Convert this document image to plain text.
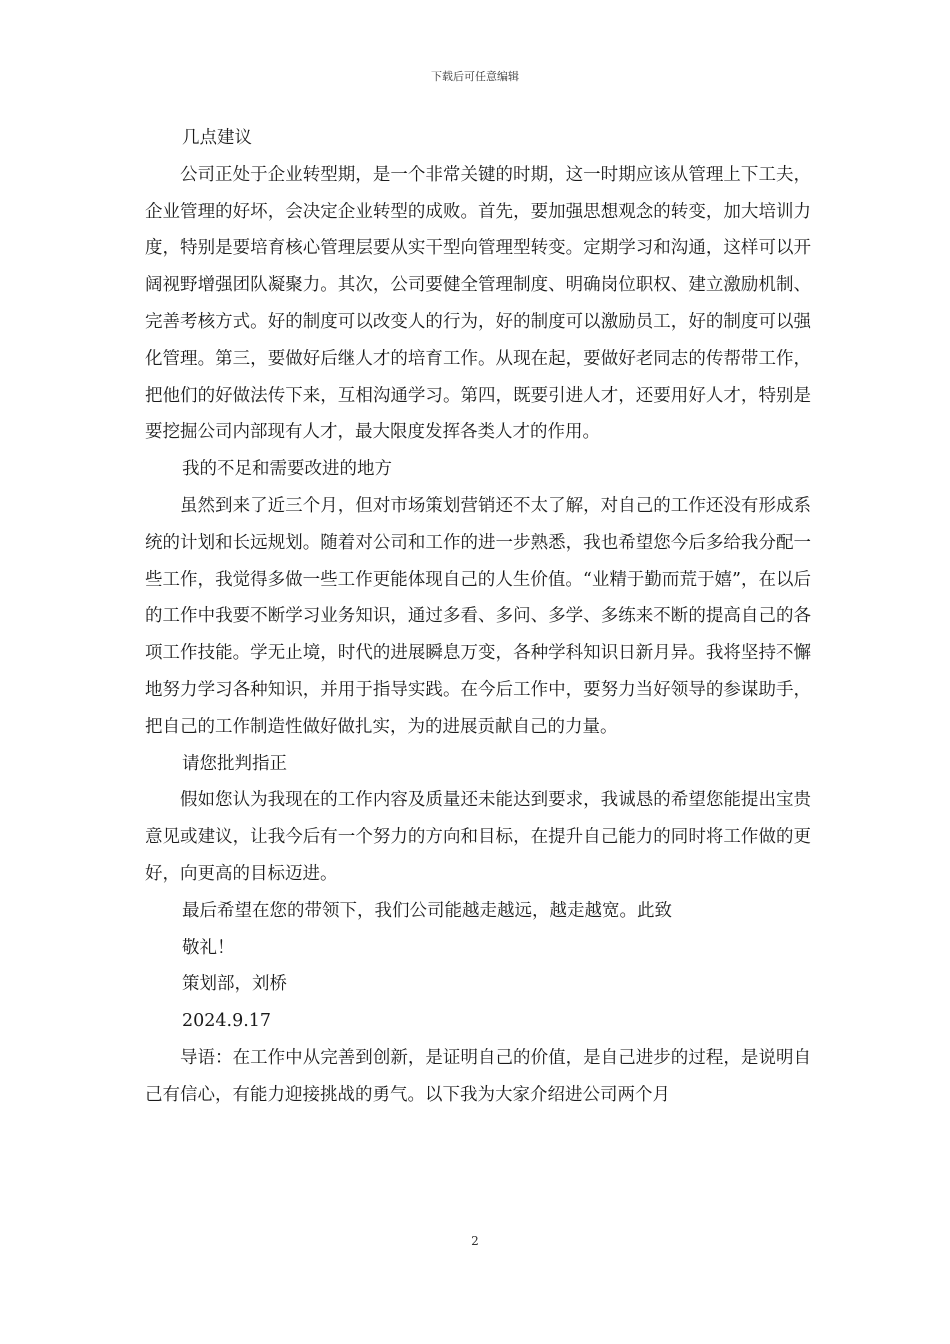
下载后可任意编辑

几点建议

公司正处于企业转型期，是一个非常关键的时期，这一时期应该从管理上下工夫，企业管理的好坏，会决定企业转型的成败。首先，要加强思想观念的转变，加大培训力度，特别是要培育核心管理层要从实干型向管理型转变。定期学习和沟通，这样可以开阔视野增强团队凝聚力。其次，公司要健全管理制度、明确岗位职权、建立激励机制、完善考核方式。好的制度可以改变人的行为，好的制度可以激励员工，好的制度可以强化管理。第三，要做好后继人才的培育工作。从现在起，要做好老同志的传帮带工作，把他们的好做法传下来，互相沟通学习。第四，既要引进人才，还要用好人才，特别是要挖掘公司内部现有人才，最大限度发挥各类人才的作用。

我的不足和需要改进的地方

虽然到来了近三个月，但对市场策划营销还不太了解，对自己的工作还没有形成系统的计划和长远规划。随着对公司和工作的进一步熟悉，我也希望您今后多给我分配一些工作，我觉得多做一些工作更能体现自己的人生价值。“业精于勤而荒于嬉”，在以后的工作中我要不断学习业务知识，通过多看、多问、多学、多练来不断的提高自己的各项工作技能。学无止境，时代的进展瞬息万变，各种学科知识日新月异。我将坚持不懈地努力学习各种知识，并用于指导实践。在今后工作中，要努力当好领导的参谋助手，把自己的工作制造性做好做扎实，为的进展贡献自己的力量。

请您批判指正

假如您认为我现在的工作内容及质量还未能达到要求，我诚恳的希望您能提出宝贵意见或建议，让我今后有一个努力的方向和目标，在提升自己能力的同时将工作做的更好，向更高的目标迈进。

最后希望在您的带领下，我们公司能越走越远，越走越宽。此致

敬礼！

策划部，刘桥

2024.9.17

导语：在工作中从完善到创新，是证明自己的价值，是自己进步的过程，是说明自己有信心，有能力迎接挑战的勇气。以下我为大家介绍进公司两个月

2
